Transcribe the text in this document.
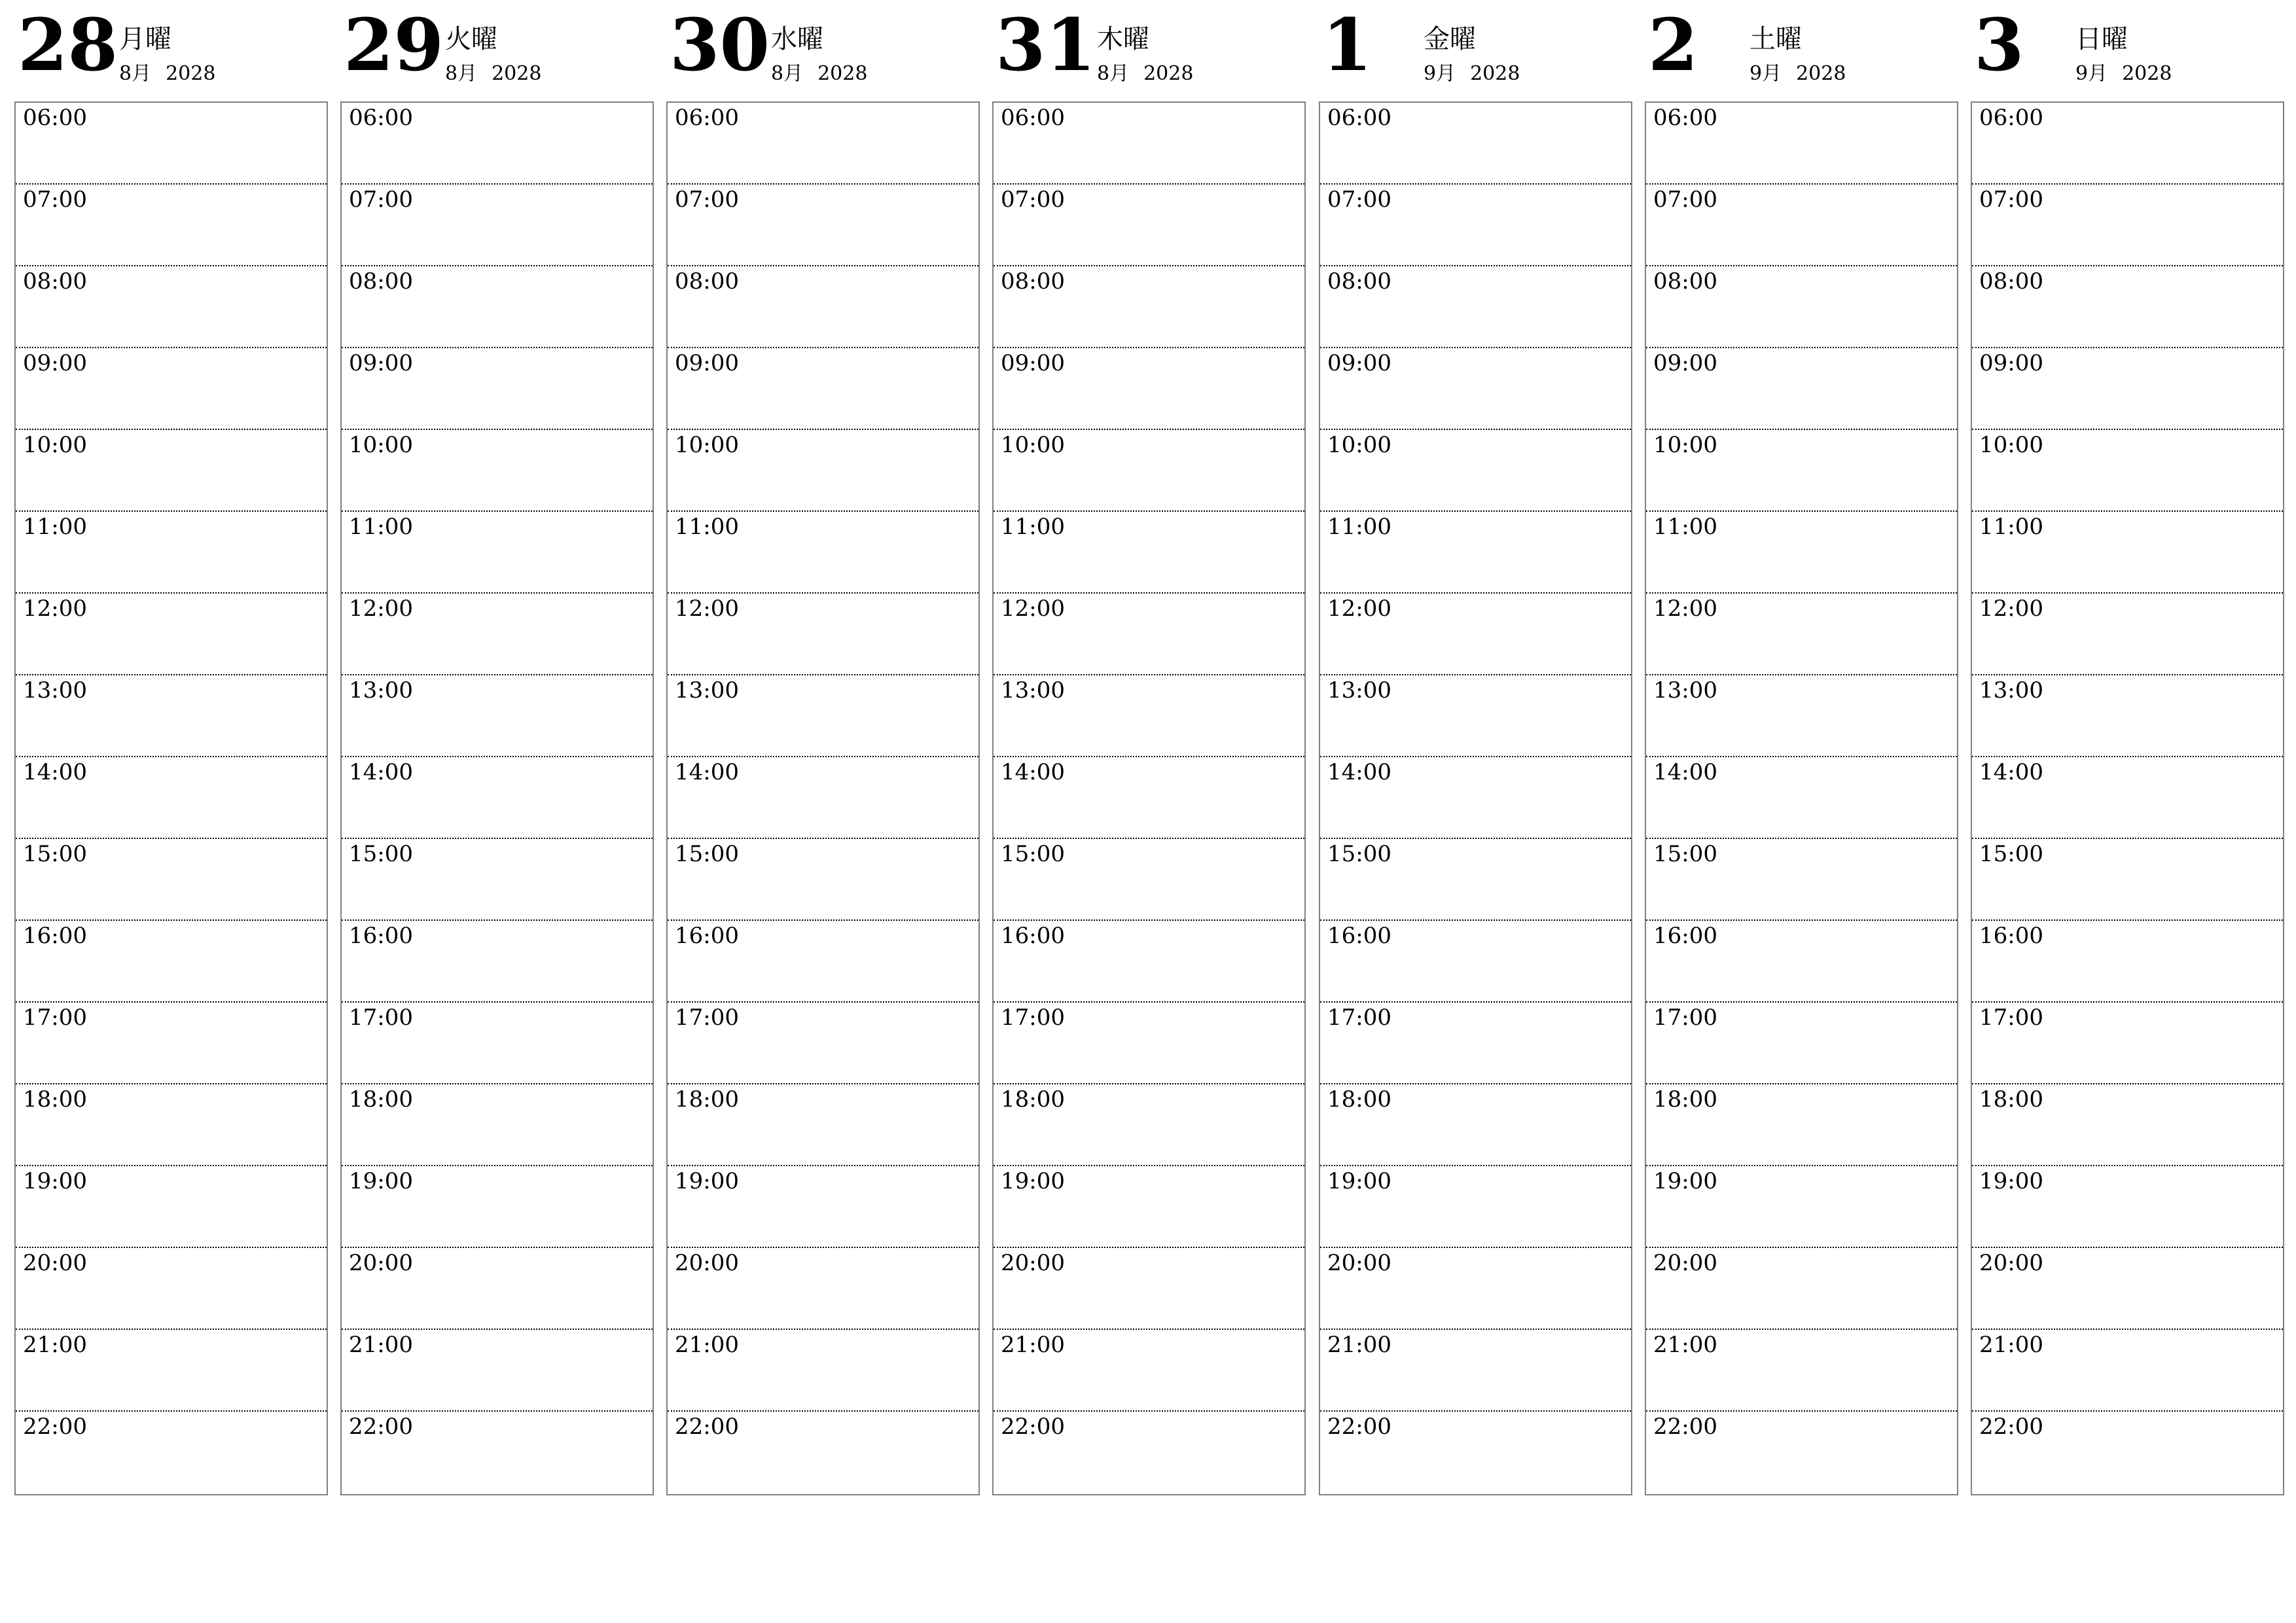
28 月曜
8月 2028
06:00
07:00
08:00
09:00
10:00
11:00
12:00
13:00
14:00
15:00
16:00
17:00
18:00
19:00
20:00
21:00
22:00
29 火曜
8月 2028
06:00
07:00
08:00
09:00
10:00
11:00
12:00
13:00
14:00
15:00
16:00
17:00
18:00
19:00
20:00
21:00
22:00
30 水曜
8月 2028
06:00
07:00
08:00
09:00
10:00
11:00
12:00
13:00
14:00
15:00
16:00
17:00
18:00
19:00
20:00
21:00
22:00
31 木曜
8月 2028
06:00
07:00
08:00
09:00
10:00
11:00
12:00
13:00
14:00
15:00
16:00
17:00
18:00
19:00
20:00
21:00
22:00
1 金曜
9月 2028
06:00
07:00
08:00
09:00
10:00
11:00
12:00
13:00
14:00
15:00
16:00
17:00
18:00
19:00
20:00
21:00
22:00
2 土曜
9月 2028
06:00
07:00
08:00
09:00
10:00
11:00
12:00
13:00
14:00
15:00
16:00
17:00
18:00
19:00
20:00
21:00
22:00
3 日曜
9月 2028
06:00
07:00
08:00
09:00
10:00
11:00
12:00
13:00
14:00
15:00
16:00
17:00
18:00
19:00
20:00
21:00
22:00
